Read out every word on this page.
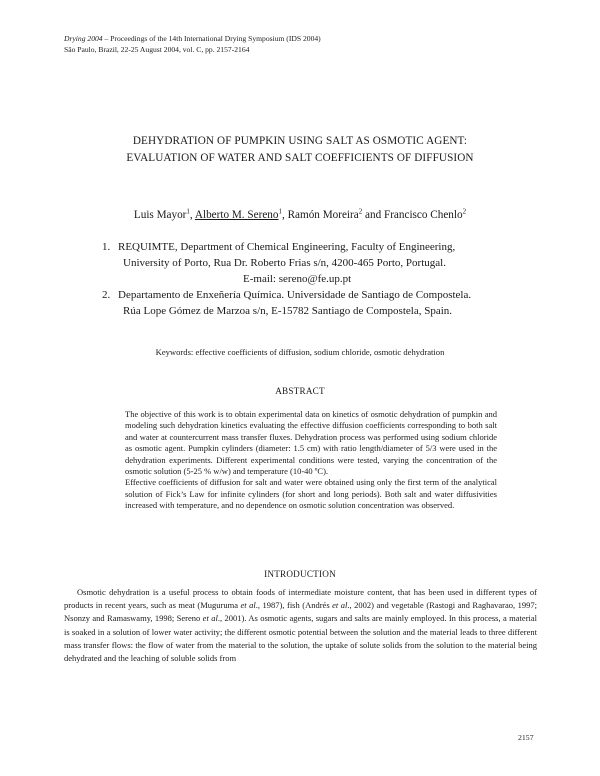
Drying 2004 – Proceedings of the 14th International Drying Symposium (IDS 2004)
São Paulo, Brazil, 22-25 August 2004, vol. C, pp. 2157-2164
DEHYDRATION OF PUMPKIN USING SALT AS OSMOTIC AGENT:
EVALUATION OF WATER AND SALT COEFFICIENTS OF DIFFUSION
Luis Mayor$^1$, Alberto M. Sereno$^1$, Ramón Moreira$^2$ and Francisco Chenlo$^2$
1. REQUIMTE, Department of Chemical Engineering, Faculty of Engineering,
University of Porto, Rua Dr. Roberto Frias s/n, 4200-465 Porto, Portugal.
E-mail: sereno@fe.up.pt
2. Departamento de Enxeñería Química. Universidade de Santiago de Compostela.
Rúa Lope Gómez de Marzoa s/n, E-15782 Santiago de Compostela, Spain.
Keywords: effective coefficients of diffusion, sodium chloride, osmotic dehydration
ABSTRACT

The objective of this work is to obtain experimental data on kinetics of osmotic dehydration of pumpkin and modeling such dehydration kinetics evaluating the effective diffusion coefficients corresponding to both salt and water at countercurrent mass transfer fluxes. Dehydration process was performed using sodium chloride as osmotic agent. Pumpkin cylinders (diameter: 1.5 cm) with ratio length/diameter of 5/3 were used in the dehydration experiments. Different experimental conditions were tested, varying the concentration of the osmotic solution (5-25 % w/w) and temperature (10-40 ºC).

Effective coefficients of diffusion for salt and water were obtained using only the first term of the analytical solution of Fick’s Law for infinite cylinders (for short and long periods). Both salt and water diffusivities increased with temperature, and no dependence on osmotic solution concentration was observed.

INTRODUCTION

Osmotic dehydration is a useful process to obtain foods of intermediate moisture content, that has been used in different types of products in recent years, such as meat (Muguruma et al., 1987), fish (Andrés et al., 2002) and vegetable (Rastogi and Raghavarao, 1997; Nsonzy and Ramaswamy, 1998; Sereno et al., 2001). As osmotic agents, sugars and salts are mainly employed. In this process, a material is soaked in a solution of lower water activity; the different osmotic potential between the solution and the material leads to three different mass transfer flows: the flow of water from the material to the solution, the uptake of solute solids from the solution to the material being dehydrated and the leaching of soluble solids from

2157
